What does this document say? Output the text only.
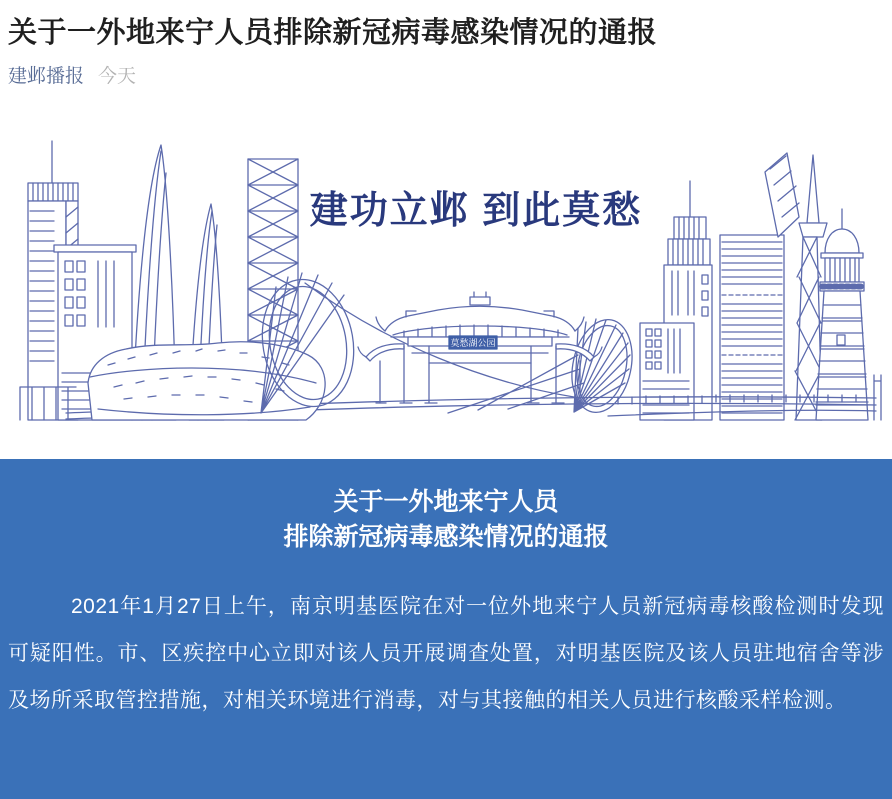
关于一外地来宁人员排除新冠病毒感染情况的通报
建邺播报 今天
莫愁湖公园
建功立邺 到此莫愁
关于一外地来宁人员
排除新冠病毒感染情况的通报

2021年1月27日上午，南京明基医院在对一位外地来宁人员新冠病毒核酸检测时发现可疑阳性。市、区疾控中心立即对该人员开展调查处置，对明基医院及该人员驻地宿舍等涉及场所采取管控措施，对相关环境进行消毒，对与其接触的相关人员进行核酸采样检测。
